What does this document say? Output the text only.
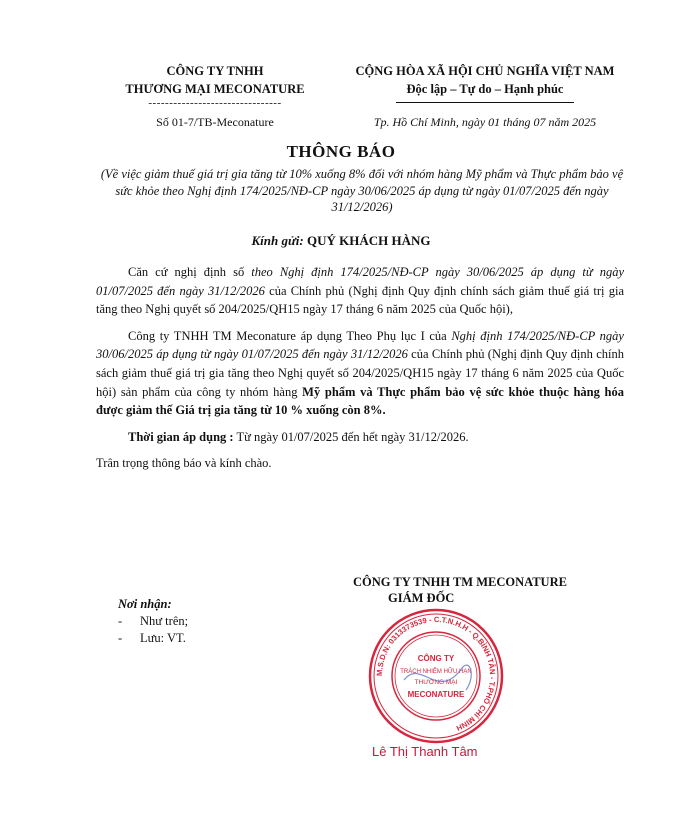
CÔNG TY TNHH
THƯƠNG MẠI MECONATURE
--------------------------------
Số 01-7/TB-Meconature
CỘNG HÒA XÃ HỘI CHỦ NGHĨA VIỆT NAM
Độc lập – Tự do – Hạnh phúc
Tp. Hồ Chí Minh, ngày 01 tháng 07 năm 2025
THÔNG BÁO
(Về việc giảm thuế giá trị gia tăng từ 10% xuống 8% đối với nhóm hàng Mỹ phẩm và Thực phẩm bảo vệ sức khỏe theo Nghị định 174/2025/NĐ-CP ngày 30/06/2025 áp dụng từ ngày 01/07/2025 đến ngày 31/12/2026)
Kính gửi: QUÝ KHÁCH HÀNG

Căn cứ nghị định số theo Nghị định 174/2025/NĐ-CP ngày 30/06/2025 áp dụng từ ngày 01/07/2025 đến ngày 31/12/2026 của Chính phủ (Nghị định Quy định chính sách giảm thuế giá trị gia tăng theo Nghị quyết số 204/2025/QH15 ngày 17 tháng 6 năm 2025 của Quốc hội),

Công ty TNHH TM Meconature áp dụng Theo Phụ lục I của Nghị định 174/2025/NĐ-CP ngày 30/06/2025 áp dụng từ ngày 01/07/2025 đến ngày 31/12/2026 của Chính phủ (Nghị định Quy định chính sách giảm thuế giá trị gia tăng theo Nghị quyết số 204/2025/QH15 ngày 17 tháng 6 năm 2025 của Quốc hội) sản phẩm của công ty nhóm hàng Mỹ phẩm và Thực phẩm bảo vệ sức khỏe thuộc hàng hóa được giảm thế Giá trị gia tăng từ 10 % xuống còn 8%.

Thời gian áp dụng : Từ ngày 01/07/2025 đến hết ngày 31/12/2026.

Trân trọng thông báo và kính chào.

CÔNG TY TNHH TM MECONATURE
GIÁM ĐỐC
Nơi nhận:
- Như trên;
- Lưu: VT.
M.S.D.N: 0313373539 - C.T.N.H.H - Q.BÌNH TÂN - T.PHỐ CHÍ MINH
CÔNG TY
TRÁCH NHIỆM HỮU HẠN
THƯƠNG MẠI
MECONATURE
Lê Thị Thanh Tâm
